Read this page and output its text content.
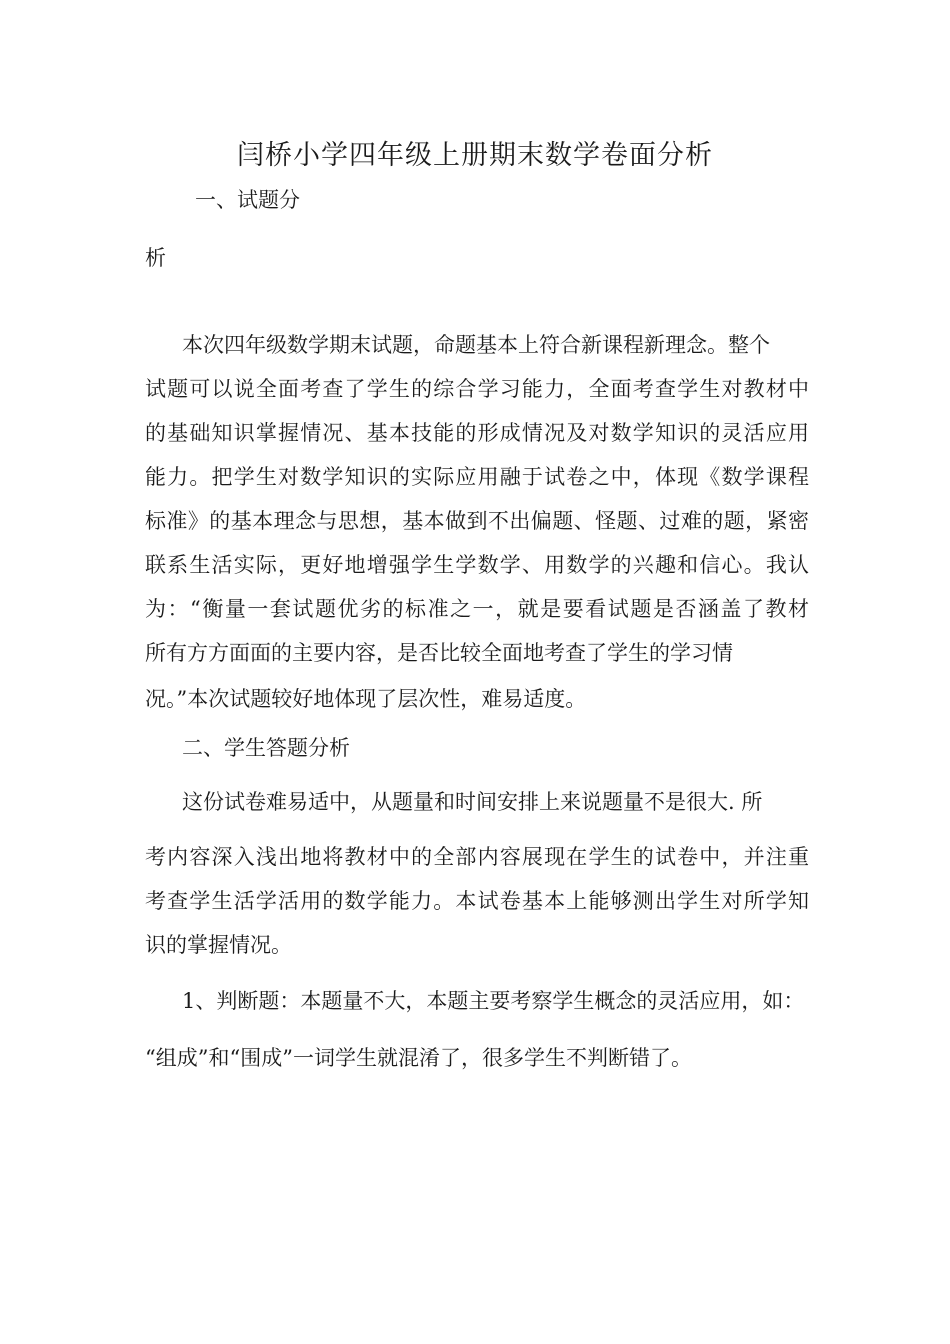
闫桥小学四年级上册期末数学卷面分析

一、试题分

析

本次四年级数学期末试题，命题基本上符合新课程新理念。整个

试题可以说全面考查了学生的综合学习能力，全面考查学生对教材中

的基础知识掌握情况、基本技能的形成情况及对数学知识的灵活应用

能力。把学生对数学知识的实际应用融于试卷之中，体现《数学课程

标准》的基本理念与思想，基本做到不出偏题、怪题、过难的题，紧密

联系生活实际，更好地增强学生学数学、用数学的兴趣和信心。我认

为：“衡量一套试题优劣的标准之一，就是要看试题是否涵盖了教材

所有方方面面的主要内容，是否比较全面地考查了学生的学习情

况。”本次试题较好地体现了层次性，难易适度。

二、学生答题分析

这份试卷难易适中，从题量和时间安排上来说题量不是很大. 所

考内容深入浅出地将教材中的全部内容展现在学生的试卷中，并注重

考查学生活学活用的数学能力。本试卷基本上能够测出学生对所学知

识的掌握情况。

1、判断题：本题量不大，本题主要考察学生概念的灵活应用，如：

“组成”和“围成”一词学生就混淆了，很多学生不判断错了。
